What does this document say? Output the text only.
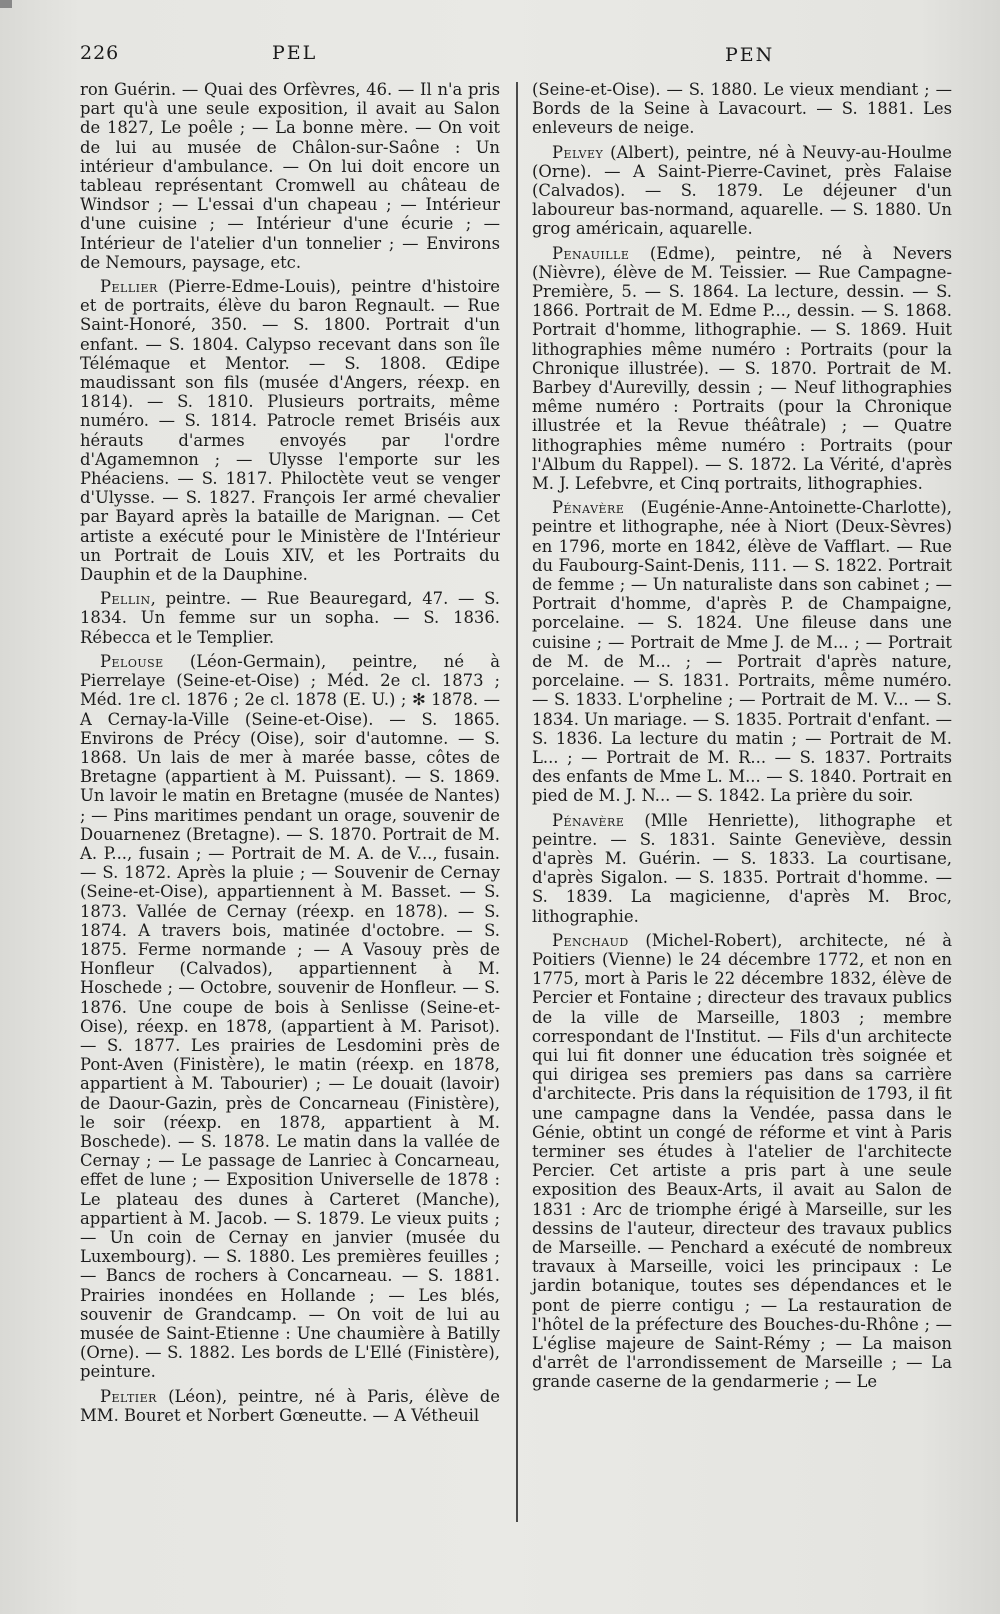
226	PEL	PEN

ron Guérin. — Quai des Orfèvres, 46. — Il n'a pris part qu'à une seule exposition, il avait au Salon de 1827, Le poêle ; — La bonne mère. — On voit de lui au musée de Châlon-sur-Saône : Un intérieur d'ambulance. — On lui doit encore un tableau représentant Cromwell au château de Windsor ; — L'essai d'un chapeau ; — Intérieur d'une cuisine ; — Intérieur d'une écurie ; — Intérieur de l'atelier d'un tonnelier ; — Environs de Nemours, paysage, etc.

Pellier (Pierre-Edme-Louis), peintre d'histoire et de portraits, élève du baron Regnault. — Rue Saint-Honoré, 350. — S. 1800. Portrait d'un enfant. — S. 1804. Calypso recevant dans son île Télémaque et Mentor. — S. 1808. Œdipe maudissant son fils (musée d'Angers, réexp. en 1814). — S. 1810. Plusieurs portraits, même numéro. — S. 1814. Patrocle remet Briséis aux hérauts d'armes envoyés par l'ordre d'Agamemnon ; — Ulysse l'emporte sur les Phéaciens. — S. 1817. Philoctète veut se venger d'Ulysse. — S. 1827. François Ier armé chevalier par Bayard après la bataille de Marignan. — Cet artiste a exécuté pour le Ministère de l'Intérieur un Portrait de Louis XIV, et les Portraits du Dauphin et de la Dauphine.

Pellin, peintre. — Rue Beauregard, 47. — S. 1834. Un femme sur un sopha. — S. 1836. Rébecca et le Templier.

Pelouse (Léon-Germain), peintre, né à Pierrelaye (Seine-et-Oise) ; Méd. 2e cl. 1873 ; Méd. 1re cl. 1876 ; 2e cl. 1878 (E. U.) ; ✻ 1878. — A Cernay-la-Ville (Seine-et-Oise). — S. 1865. Environs de Précy (Oise), soir d'automne. — S. 1868. Un lais de mer à marée basse, côtes de Bretagne (appartient à M. Puissant). — S. 1869. Un lavoir le matin en Bretagne (musée de Nantes) ; — Pins maritimes pendant un orage, souvenir de Douarnenez (Bretagne). — S. 1870. Portrait de M. A. P..., fusain ; — Portrait de M. A. de V..., fusain. — S. 1872. Après la pluie ; — Souvenir de Cernay (Seine-et-Oise), appartiennent à M. Basset. — S. 1873. Vallée de Cernay (réexp. en 1878). — S. 1874. A travers bois, matinée d'octobre. — S. 1875. Ferme normande ; — A Vasouy près de Honfleur (Calvados), appartiennent à M. Hoschede ; — Octobre, souvenir de Honfleur. — S. 1876. Une coupe de bois à Senlisse (Seine-et-Oise), réexp. en 1878, (appartient à M. Parisot). — S. 1877. Les prairies de Lesdomini près de Pont-Aven (Finistère), le matin (réexp. en 1878, appartient à M. Tabourier) ; — Le douait (lavoir) de Daour-Gazin, près de Concarneau (Finistère), le soir (réexp. en 1878, appartient à M. Boschede). — S. 1878. Le matin dans la vallée de Cernay ; — Le passage de Lanriec à Concarneau, effet de lune ; — Exposition Universelle de 1878 : Le plateau des dunes à Carteret (Manche), appartient à M. Jacob. — S. 1879. Le vieux puits ; — Un coin de Cernay en janvier (musée du Luxembourg). — S. 1880. Les premières feuilles ; — Bancs de rochers à Concarneau. — S. 1881. Prairies inondées en Hollande ; — Les blés, souvenir de Grandcamp. — On voit de lui au musée de Saint-Etienne : Une chaumière à Batilly (Orne). — S. 1882. Les bords de L'Ellé (Finistère), peinture.

Peltier (Léon), peintre, né à Paris, élève de MM. Bouret et Norbert Gœneutte. — A Vétheuil

(Seine-et-Oise). — S. 1880. Le vieux mendiant ; — Bords de la Seine à Lavacourt. — S. 1881. Les enleveurs de neige.

Pelvey (Albert), peintre, né à Neuvy-au-Houlme (Orne). — A Saint-Pierre-Cavinet, près Falaise (Calvados). — S. 1879. Le déjeuner d'un laboureur bas-normand, aquarelle. — S. 1880. Un grog américain, aquarelle.

Penauille (Edme), peintre, né à Nevers (Nièvre), élève de M. Teissier. — Rue Campagne-Première, 5. — S. 1864. La lecture, dessin. — S. 1866. Portrait de M. Edme P..., dessin. — S. 1868. Portrait d'homme, lithographie. — S. 1869. Huit lithographies même numéro : Portraits (pour la Chronique illustrée). — S. 1870. Portrait de M. Barbey d'Aurevilly, dessin ; — Neuf lithographies même numéro : Portraits (pour la Chronique illustrée et la Revue théâtrale) ; — Quatre lithographies même numéro : Portraits (pour l'Album du Rappel). — S. 1872. La Vérité, d'après M. J. Lefebvre, et Cinq portraits, lithographies.

Pénavère (Eugénie-Anne-Antoinette-Charlotte), peintre et lithographe, née à Niort (Deux-Sèvres) en 1796, morte en 1842, élève de Vafflart. — Rue du Faubourg-Saint-Denis, 111. — S. 1822. Portrait de femme ; — Un naturaliste dans son cabinet ; — Portrait d'homme, d'après P. de Champaigne, porcelaine. — S. 1824. Une fileuse dans une cuisine ; — Portrait de Mme J. de M... ; — Portrait de M. de M... ; — Portrait d'après nature, porcelaine. — S. 1831. Portraits, même numéro. — S. 1833. L'orpheline ; — Portrait de M. V... — S. 1834. Un mariage. — S. 1835. Portrait d'enfant. — S. 1836. La lecture du matin ; — Portrait de M. L... ; — Portrait de M. R... — S. 1837. Portraits des enfants de Mme L. M... — S. 1840. Portrait en pied de M. J. N... — S. 1842. La prière du soir.

Pénavère (Mlle Henriette), lithographe et peintre. — S. 1831. Sainte Geneviève, dessin d'après M. Guérin. — S. 1833. La courtisane, d'après Sigalon. — S. 1835. Portrait d'homme. — S. 1839. La magicienne, d'après M. Broc, lithographie.

Penchaud (Michel-Robert), architecte, né à Poitiers (Vienne) le 24 décembre 1772, et non en 1775, mort à Paris le 22 décembre 1832, élève de Percier et Fontaine ; directeur des travaux publics de la ville de Marseille, 1803 ; membre correspondant de l'Institut. — Fils d'un architecte qui lui fit donner une éducation très soignée et qui dirigea ses premiers pas dans sa carrière d'architecte. Pris dans la réquisition de 1793, il fit une campagne dans la Vendée, passa dans le Génie, obtint un congé de réforme et vint à Paris terminer ses études à l'atelier de l'architecte Percier. Cet artiste a pris part à une seule exposition des Beaux-Arts, il avait au Salon de 1831 : Arc de triomphe érigé à Marseille, sur les dessins de l'auteur, directeur des travaux publics de Marseille. — Penchard a exécuté de nombreux travaux à Marseille, voici les principaux : Le jardin botanique, toutes ses dépendances et le pont de pierre contigu ; — La restauration de l'hôtel de la préfecture des Bouches-du-Rhône ; — L'église majeure de Saint-Rémy ; — La maison d'arrêt de l'arrondissement de Marseille ; — La grande caserne de la gendarmerie ; — Le
